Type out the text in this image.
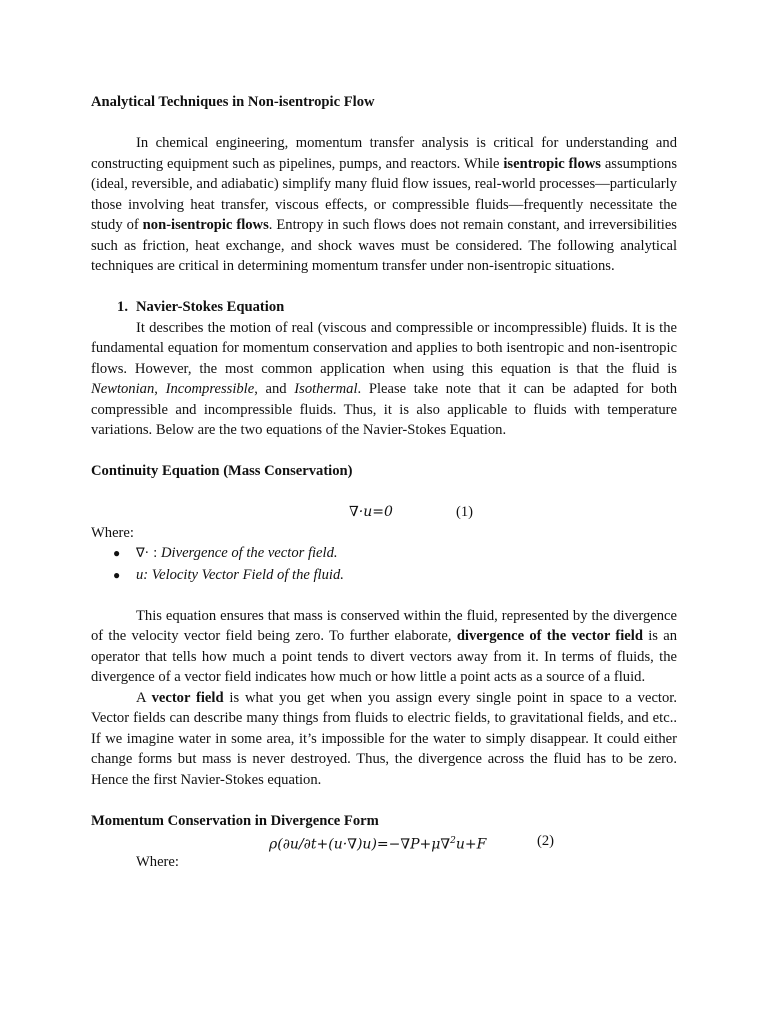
Analytical Techniques in Non-isentropic Flow

In chemical engineering, momentum transfer analysis is critical for understanding and constructing equipment such as pipelines, pumps, and reactors. While isentropic flows assumptions (ideal, reversible, and adiabatic) simplify many fluid flow issues, real-world processes—particularly those involving heat transfer, viscous effects, or compressible fluids—frequently necessitate the study of non-isentropic flows. Entropy in such flows does not remain constant, and irreversibilities such as friction, heat exchange, and shock waves must be considered. The following analytical techniques are critical in determining momentum transfer under non-isentropic situations.

1. Navier-Stokes Equation

It describes the motion of real (viscous and compressible or incompressible) fluids. It is the fundamental equation for momentum conservation and applies to both isentropic and non-isentropic flows. However, the most common application when using this equation is that the fluid is Newtonian, Incompressible, and Isothermal. Please take note that it can be adapted for both compressible and incompressible fluids. Thus, it is also applicable to fluids with temperature variations. Below are the two equations of the Navier-Stokes Equation.

Continuity Equation (Mass Conservation)
∇·u=0	(1)
Where:
● ∇· : Divergence of the vector field.
● u: Velocity Vector Field of the fluid.

This equation ensures that mass is conserved within the fluid, represented by the divergence of the velocity vector field being zero. To further elaborate, divergence of the vector field is an operator that tells how much a point tends to divert vectors away from it. In terms of fluids, the divergence of a vector field indicates how much or how little a point acts as a source of a fluid.

A vector field is what you get when you assign every single point in space to a vector. Vector fields can describe many things from fluids to electric fields, to gravitational fields, and etc.. If we imagine water in some area, it’s impossible for the water to simply disappear. It could either change forms but mass is never destroyed. Thus, the divergence across the fluid has to be zero. Hence the first Navier-Stokes equation.

Momentum Conservation in Divergence Form
ρ(∂u/∂t+(u·∇)u)=−∇P+μ∇$^2$u+F	(2)
Where:
